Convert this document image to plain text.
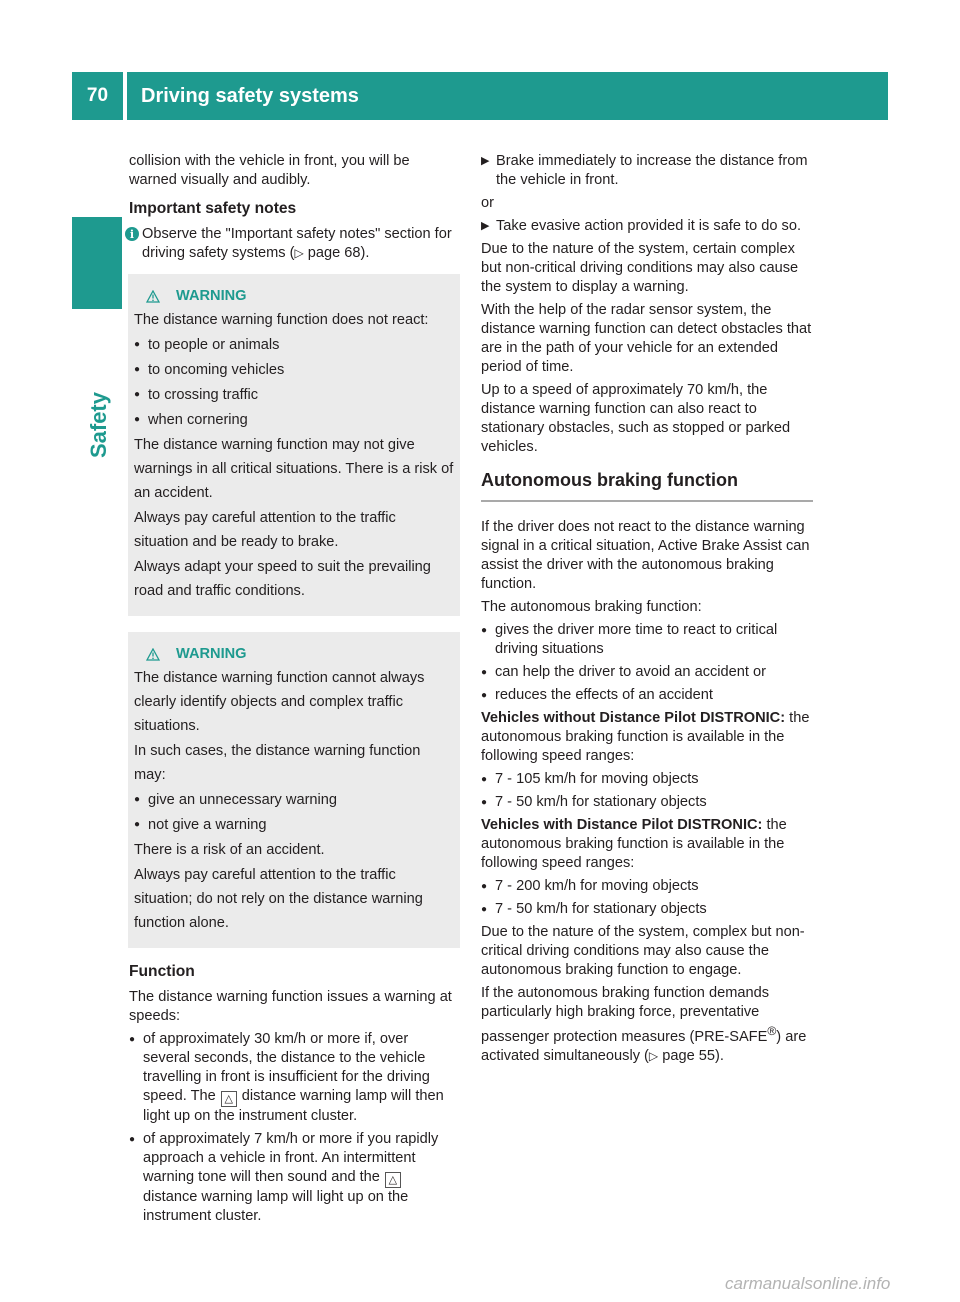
70	Driving safety systems
Safety

collision with the vehicle in front, you will be warned visually and audibly.

Important safety notes
i Observe the "Important safety notes" section for driving safety systems (▷ page 68).
WARNING

The distance warning function does not react:

● to people or animals
● to oncoming vehicles
● to crossing traffic
● when cornering

The distance warning function may not give warnings in all critical situations. There is a risk of an accident.

Always pay careful attention to the traffic situation and be ready to brake.

Always adapt your speed to suit the prevailing road and traffic conditions.

WARNING

The distance warning function cannot always clearly identify objects and complex traffic situations.

In such cases, the distance warning function may:

● give an unnecessary warning
● not give a warning

There is a risk of an accident.

Always pay careful attention to the traffic situation; do not rely on the distance warning function alone.

Function

The distance warning function issues a warning at speeds:

● of approximately 30 km/h or more if, over several seconds, the distance to the vehicle travelling in front is insufficient for the driving speed. The △ distance warning lamp will then light up on the instrument cluster.
● of approximately 7 km/h or more if you rapidly approach a vehicle in front. An intermittent warning tone will then sound and the △distance warning lamp will light up on the instrument cluster.
▶ Brake immediately to increase the distance from the vehicle in front.

or

▶ Take evasive action provided it is safe to do so.

Due to the nature of the system, certain complex but non-critical driving conditions may also cause the system to display a warning.

With the help of the radar sensor system, the distance warning function can detect obstacles that are in the path of your vehicle for an extended period of time.

Up to a speed of approximately 70 km/h, the distance warning function can also react to stationary obstacles, such as stopped or parked vehicles.

Autonomous braking function

If the driver does not react to the distance warning signal in a critical situation, Active Brake Assist can assist the driver with the autonomous braking function.

The autonomous braking function:

● gives the driver more time to react to critical driving situations
● can help the driver to avoid an accident or
● reduces the effects of an accident

Vehicles without Distance Pilot DISTRONIC: the autonomous braking function is available in the following speed ranges:

● 7 - 105 km/h for moving objects
● 7 - 50 km/h for stationary objects

Vehicles with Distance Pilot DISTRONIC: the autonomous braking function is available in the following speed ranges:

● 7 - 200 km/h for moving objects
● 7 - 50 km/h for stationary objects

Due to the nature of the system, complex but non-critical driving conditions may also cause the autonomous braking function to engage.

If the autonomous braking function demands particularly high braking force, preventative passenger protection measures (PRE-SAFE®) are activated simultaneously (▷ page 55).

carmanualsonline.info
